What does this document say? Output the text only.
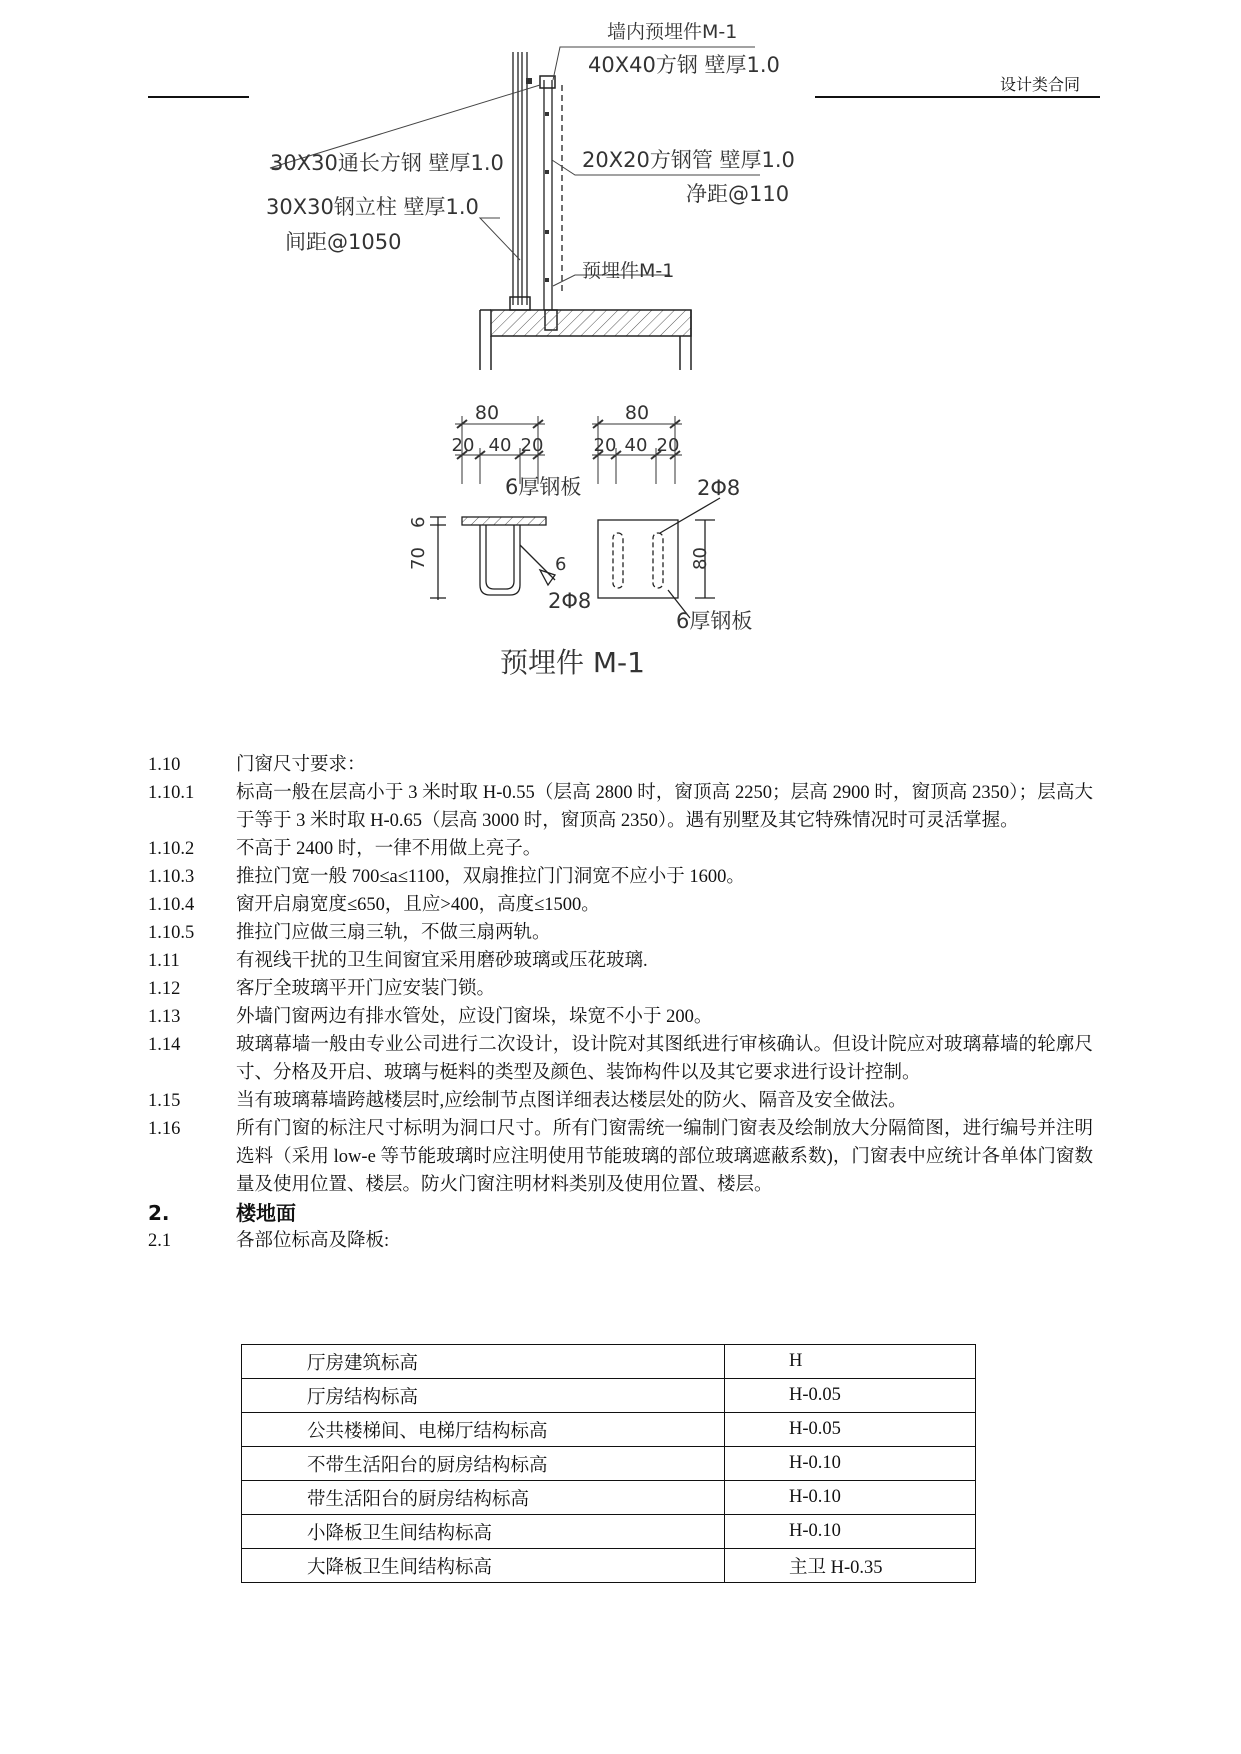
设计类合同
墙内预埋件M-1
40X40方钢 壁厚1.0
30X30通长方钢 壁厚1.0	20X20方钢管 壁厚1.0
净距@110
30X30钢立柱 壁厚1.0
间距@1050
预埋件M-1
80	80
20 40 20	20 40 20
6厚钢板	2Φ8
6
70	6
2Φ8
80
6厚钢板
预埋件 M-1
1.10	门窗尺寸要求：
1.10.1	标高一般在层高小于 3 米时取 H-0.55（层高 2800 时，窗顶高 2250；层高 2900 时，窗顶高 2350）；层高大于等于 3 米时取 H-0.65（层高 3000 时，窗顶高 2350）。遇有别墅及其它特殊情况时可灵活掌握。
1.10.2	不高于 2400 时，一律不用做上亮子。
1.10.3	推拉门宽一般 700≤a≤1100，双扇推拉门门洞宽不应小于 1600。
1.10.4	窗开启扇宽度≤650，且应>400，高度≤1500。
1.10.5	推拉门应做三扇三轨，不做三扇两轨。
1.11	有视线干扰的卫生间窗宜采用磨砂玻璃或压花玻璃.
1.12	客厅全玻璃平开门应安装门锁。
1.13	外墙门窗两边有排水管处，应设门窗垛，垛宽不小于 200。
1.14	玻璃幕墙一般由专业公司进行二次设计，设计院对其图纸进行审核确认。但设计院应对玻璃幕墙的轮廓尺寸、分格及开启、玻璃与梃料的类型及颜色、装饰构件以及其它要求进行设计控制。
1.15	当有玻璃幕墙跨越楼层时,应绘制节点图详细表达楼层处的防火、隔音及安全做法。
1.16	所有门窗的标注尺寸标明为洞口尺寸。所有门窗需统一编制门窗表及绘制放大分隔简图，进行编号并注明选料（采用 low-e 等节能玻璃时应注明使用节能玻璃的部位玻璃遮蔽系数)，门窗表中应统计各单体门窗数量及使用位置、楼层。防火门窗注明材料类别及使用位置、楼层。
2.	楼地面
2.1	各部位标高及降板:
厅房建筑标高	H
厅房结构标高	H-0.05
公共楼梯间、电梯厅结构标高	H-0.05
不带生活阳台的厨房结构标高	H-0.10
带生活阳台的厨房结构标高	H-0.10
小降板卫生间结构标高	H-0.10
大降板卫生间结构标高	主卫 H-0.35
